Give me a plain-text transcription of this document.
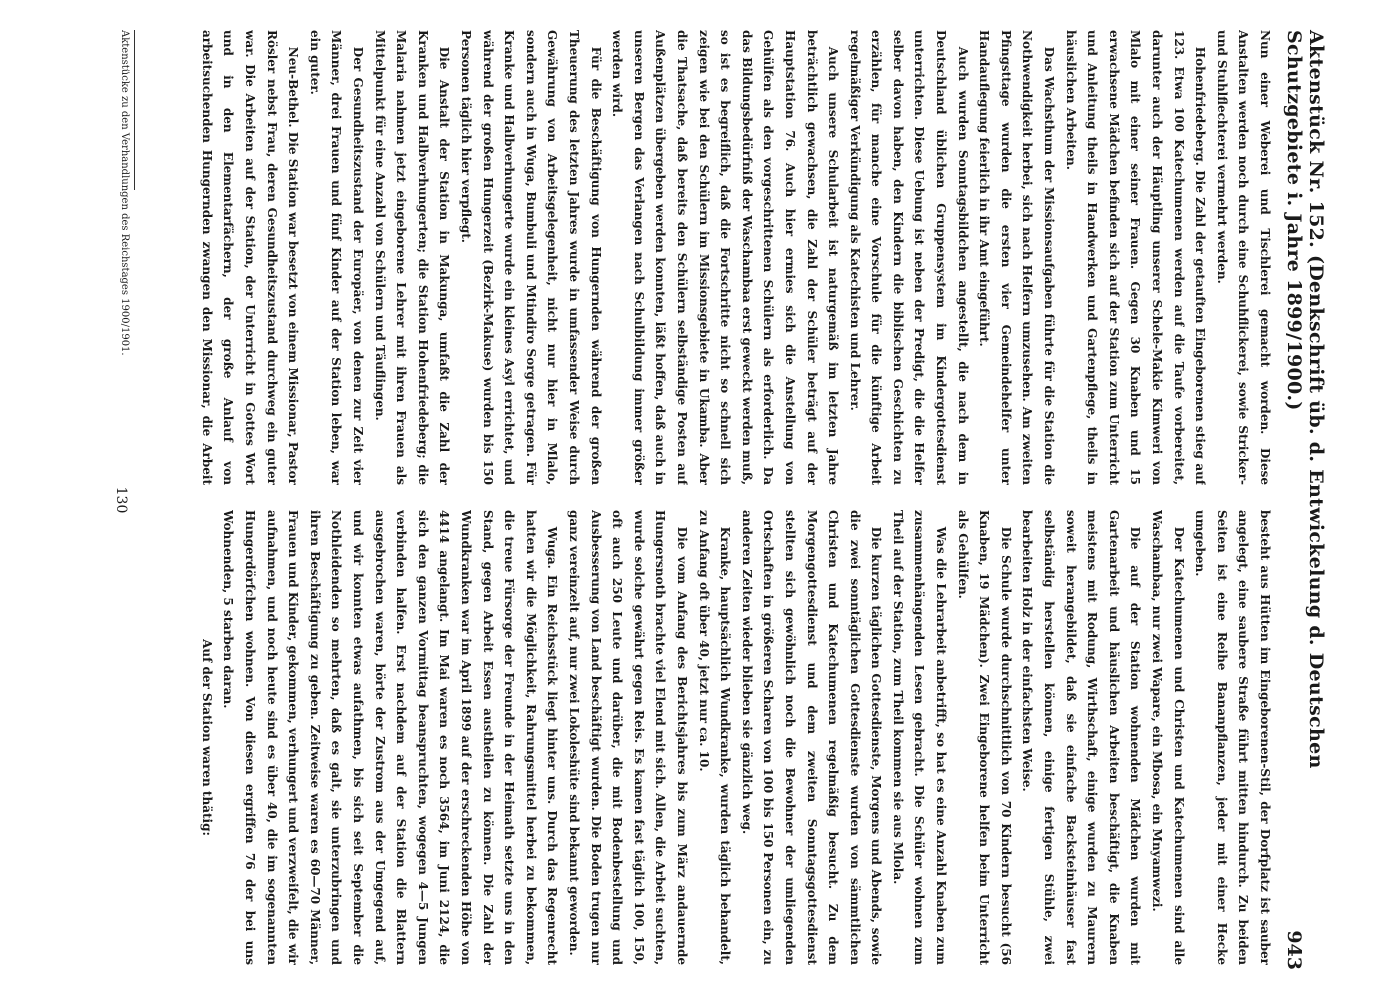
Aktenstück Nr. 152. (Denkschrift üb. d. Entwickelung d. Deutschen Schutzgebiete i. Jahre 1899/1900.)
943

Nun einer Weberei und Tischlerei gemacht worden. Diese Anstalten werden noch durch eine Schuhflickerei, sowie Stricker- und Stuhlflechterei vermehrt werden.

Hohenfriedeberg. Die Zahl der getauften Eingeborenen stieg auf 123. Etwa 100 Katechumenen werden auf die Taufe vorbereitet, darunter auch der Häuptling unserer Schele-Makie Kimweri von Mlalo mit einer seiner Frauen. Gegen 30 Knaben und 15 erwachsene Mädchen befinden sich auf der Station zum Unterricht und Anleitung theils in Handwerken und Gartenpflege, theils in häuslichen Arbeiten.

Das Wachsthum der Missionsaufgaben führte für die Station die Nothwendigkeit herbei, sich nach Helfern umzusehen. Am zweiten Pfingsttage wurden die ersten vier Gemeindehelfer unter Handauflegung feierlich in ihr Amt eingeführt.

Auch wurden Sonntagsbildchen angestellt, die nach dem in Deutschland üblichen Gruppensystem im Kindergottesdienst unterrichten. Diese Uebung ist neben der Predigt, die die Helfer selber davon haben, den Kindern die biblischen Geschichten zu erzählen, für manche eine Vorschule für die künftige Arbeit regelmäßiger Verkündigung als Katechisten und Lehrer.

Auch unsere Schularbeit ist naturgemäß im letzten Jahre beträchtlich gewachsen, die Zahl der Schüler beträgt auf der Hauptstation 76. Auch hier ermies sich die Anstellung von Gehülfen als den vorgeschrittenen Schülern als erforderlich. Da das Bildungsbedürfniß der Waschambaa erst geweckt werden muß, so ist es begreiflich, daß die Fortschritte nicht so schnell sich zeigen wie bei den Schülern im Missionsgebiete in Ukamba. Aber die Thatsache, daß bereits den Schülern selbständige Posten auf Außenplätzen übergeben werden konnten, läßt hoffen, daß auch in unseren Bergen das Verlangen nach Schulbildung immer größer werden wird.

Für die Beschäftigung von Hungernden während der großen Theuerung des letzten Jahres wurde in umfassender Weise durch Gewährung von Arbeitsgelegenheit, nicht nur hier in Mlalo, sondern auch in Wuga, Bumbuli und Mtindiro Sorge getragen. Für Kranke und Halbverhungerte wurde ein kleines Asyl errichtet, und während der großen Hungerzeit (Bezirk-Makuse) wurden bis 150 Personen täglich hier verpflegt.

Die Anstalt der Station in Makunga, umfaßt die Zahl der Kranken und Halbverhungerten; die Station Hohenfriedeberg; die Malaria nahmen jetzt eingeborene Lehrer mit ihren Frauen als Mittelpunkt für eine Anzahl von Schülern und Täuflingen.

Der Gesundheitszustand der Europäer, von denen zur Zeit vier Männer, drei Frauen und fünf Kinder auf der Station leben, war ein guter.

Neu-Bethel. Die Station war besetzt von einem Missionar, Pastor Rösler nebst Frau, deren Gesundheitszustand durchweg ein guter war. Die Arbeiten auf der Station, der Unterricht in Gottes Wort und in den Elementarfächern, der große Anlauf von arbeitsuchenden Hungernden zwangen den Missionar, die Arbeit

besteht aus Hütten im Eingeborenen-Stil, der Dorfplatz ist sauber angelegt, eine saubere Straße führt mitten hindurch. Zu beiden Seiten ist eine Reihe Bananpflanzen, jeder mit einer Hecke umgeben.

Der Katechumenen und Christen und Katechumenen sind alle Waschambaa, nur zwei Wapare, ein Mbosa, ein Mnyamwezi.

Die auf der Station wohnenden Mädchen wurden mit Gartenarbeit und häuslichen Arbeiten beschäftigt, die Knaben meistens mit Rodung, Wirthschaft, einige wurden zu Maurern soweit herangebildet, daß sie einfache Backsteinhäuser fast selbständig herstellen können, einige fertigen Stühle, zwei bearbeiten Holz in der einfachsten Weise.

Die Schule wurde durchschnittlich von 70 Kindern besucht (56 Knaben, 19 Mädchen). Zwei Eingeborene helfen beim Unterricht als Gehülfen.

Was die Lehrarbeit anbetrifft, so hat es eine Anzahl Knaben zum zusammenhängenden Lesen gebracht. Die Schüler wohnen zum Theil auf der Station, zum Theil kommen sie aus Mlola.

Die kurzen täglichen Gottesdienste, Morgens und Abends, sowie die zwei sonntäglichen Gottesdienste wurden von sämmtlichen Christen und Katechumenen regelmäßig besucht. Zu dem Morgengottesdienst und dem zweiten Sonntagsgottesdienst stellten sich gewöhnlich noch die Bewohner der umliegenden Ortschaften in größeren Scharen von 100 bis 150 Personen ein, zu anderen Zeiten wieder blieben sie gänzlich weg.

Kranke, hauptsächlich Wundkranke, wurden täglich behandelt, zu Anfang oft über 40, jetzt nur ca. 10.

Die vom Anfang des Berichtsjahres bis zum März andauernde Hungersnoth brachte viel Elend mit sich. Allen, die Arbeit suchten, wurde solche gewährt gegen Reis. Es kamen fast täglich 100, 150, oft auch 250 Leute und darüber, die mit Bodenbestellung und Ausbesserung von Land beschäftigt wurden. Die Boden trugen nur ganz vereinzelt auf, nur zwei Lokoleshüte sind bekannt geworden.

Wuga. Ein Reichsstück liegt hinter uns. Durch das Regenrecht hatten wir die Möglichkeit, Rahrungsmittel herbei zu bekommen, die treue Fürsorge der Freunde in der Heimath setzte uns in den Stand, gegen Arbeit Essen austheilen zu können. Die Zahl der Wundkranken war im April 1899 auf der erschreckenden Höhe von 4414 angelangt. Im Mai waren es noch 3564, im Juni 2124, die sich den ganzen Vormittag beanspruchten, wogegen 4—5 Jungen verbinden halfen. Erst nachdem auf der Station die Blattern ausgebrochen waren, hörte der Zustrom aus der Umgegend auf, und wir konnten etwas aufathmen, bis sich seit September die Nothleidenden so mehrten, daß es galt, sie unterzubringen und ihren Beschäftigung zu geben. Zeitweise waren es 60—70 Männer, Frauen und Kinder, gekommen, verhungert und verzweifelt, die wir aufnahmen, und noch heute sind es über 40, die im sogenannten Hungerdörfchen wohnen. Von diesen ergriffen 76 der bei uns Wohnenden, 5 starben daran.

Auf der Station waren thätig:

Aktenstücke zu den Verhandlungen des Reichstages 1900/1901.
130
